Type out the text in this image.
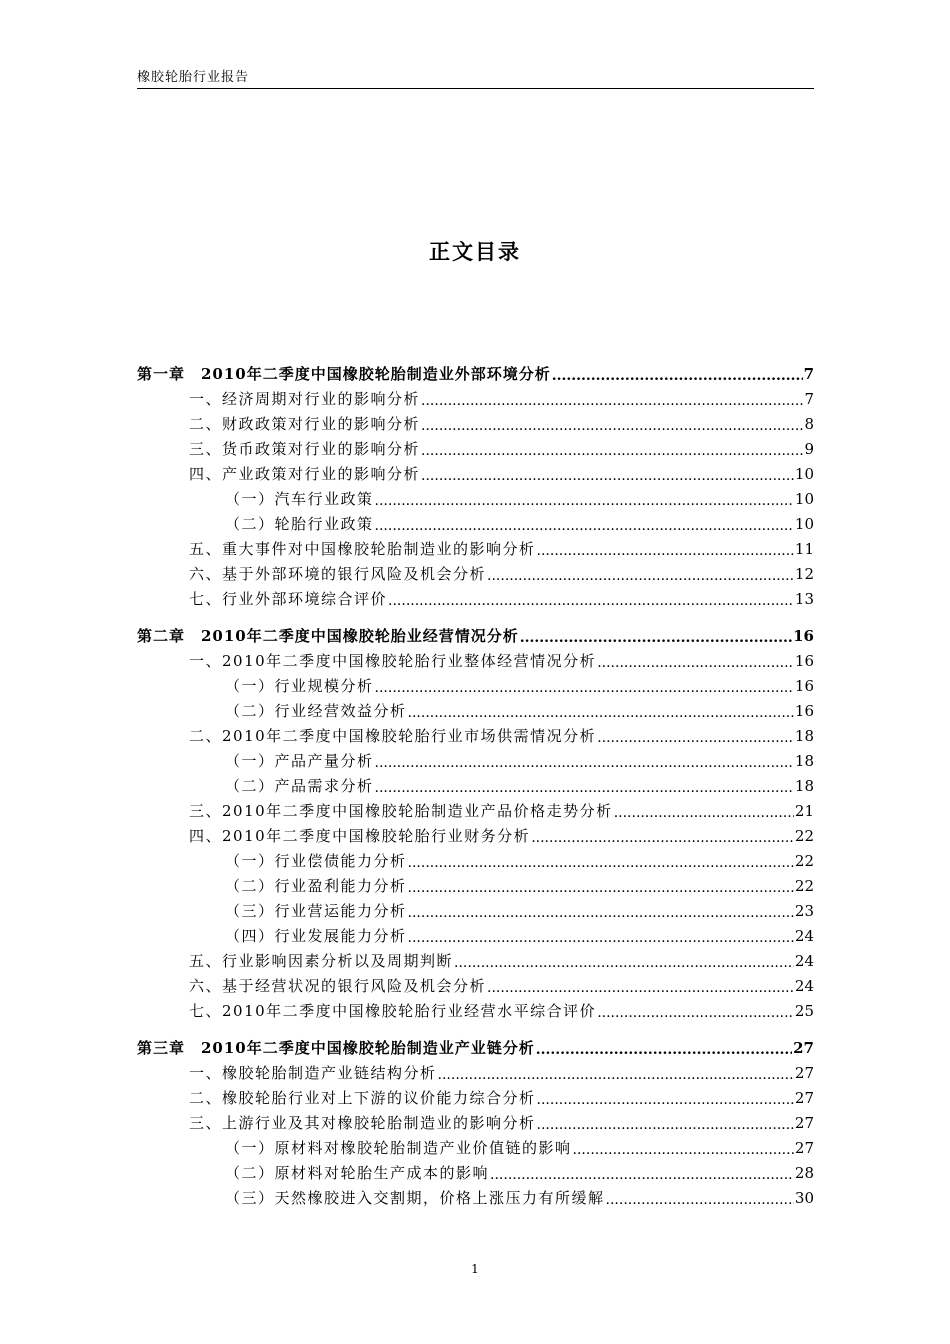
橡胶轮胎行业报告
正文目录
第一章　2010年二季度中国橡胶轮胎制造业外部环境分析 .....	7
一、经济周期对行业的影响分析 .....	7
二、财政政策对行业的影响分析 .....	8
三、货币政策对行业的影响分析 .....	9
四、产业政策对行业的影响分析 .....	10
（一）汽车行业政策 .....	10
（二）轮胎行业政策 .....	10
五、重大事件对中国橡胶轮胎制造业的影响分析 .....	11
六、基于外部环境的银行风险及机会分析 .....	12
七、行业外部环境综合评价 .....	13
第二章　2010年二季度中国橡胶轮胎业经营情况分析 .....	16
一、2010年二季度中国橡胶轮胎行业整体经营情况分析 .....	16
（一）行业规模分析 .....	16
（二）行业经营效益分析 .....	16
二、2010年二季度中国橡胶轮胎行业市场供需情况分析 .....	18
（一）产品产量分析 .....	18
（二）产品需求分析 .....	18
三、2010年二季度中国橡胶轮胎制造业产品价格走势分析 .....	21
四、2010年二季度中国橡胶轮胎行业财务分析 .....	22
（一）行业偿债能力分析 .....	22
（二）行业盈利能力分析 .....	22
（三）行业营运能力分析 .....	23
（四）行业发展能力分析 .....	24
五、行业影响因素分析以及周期判断 .....	24
六、基于经营状况的银行风险及机会分析 .....	24
七、2010年二季度中国橡胶轮胎行业经营水平综合评价 .....	25
第三章　2010年二季度中国橡胶轮胎制造业产业链分析 .....	27
一、橡胶轮胎制造产业链结构分析 .....	27
二、橡胶轮胎行业对上下游的议价能力综合分析 .....	27
三、上游行业及其对橡胶轮胎制造业的影响分析 .....	27
（一）原材料对橡胶轮胎制造产业价值链的影响 .....	27
（二）原材料对轮胎生产成本的影响 .....	28
（三）天然橡胶进入交割期，价格上涨压力有所缓解 .....	30
1
